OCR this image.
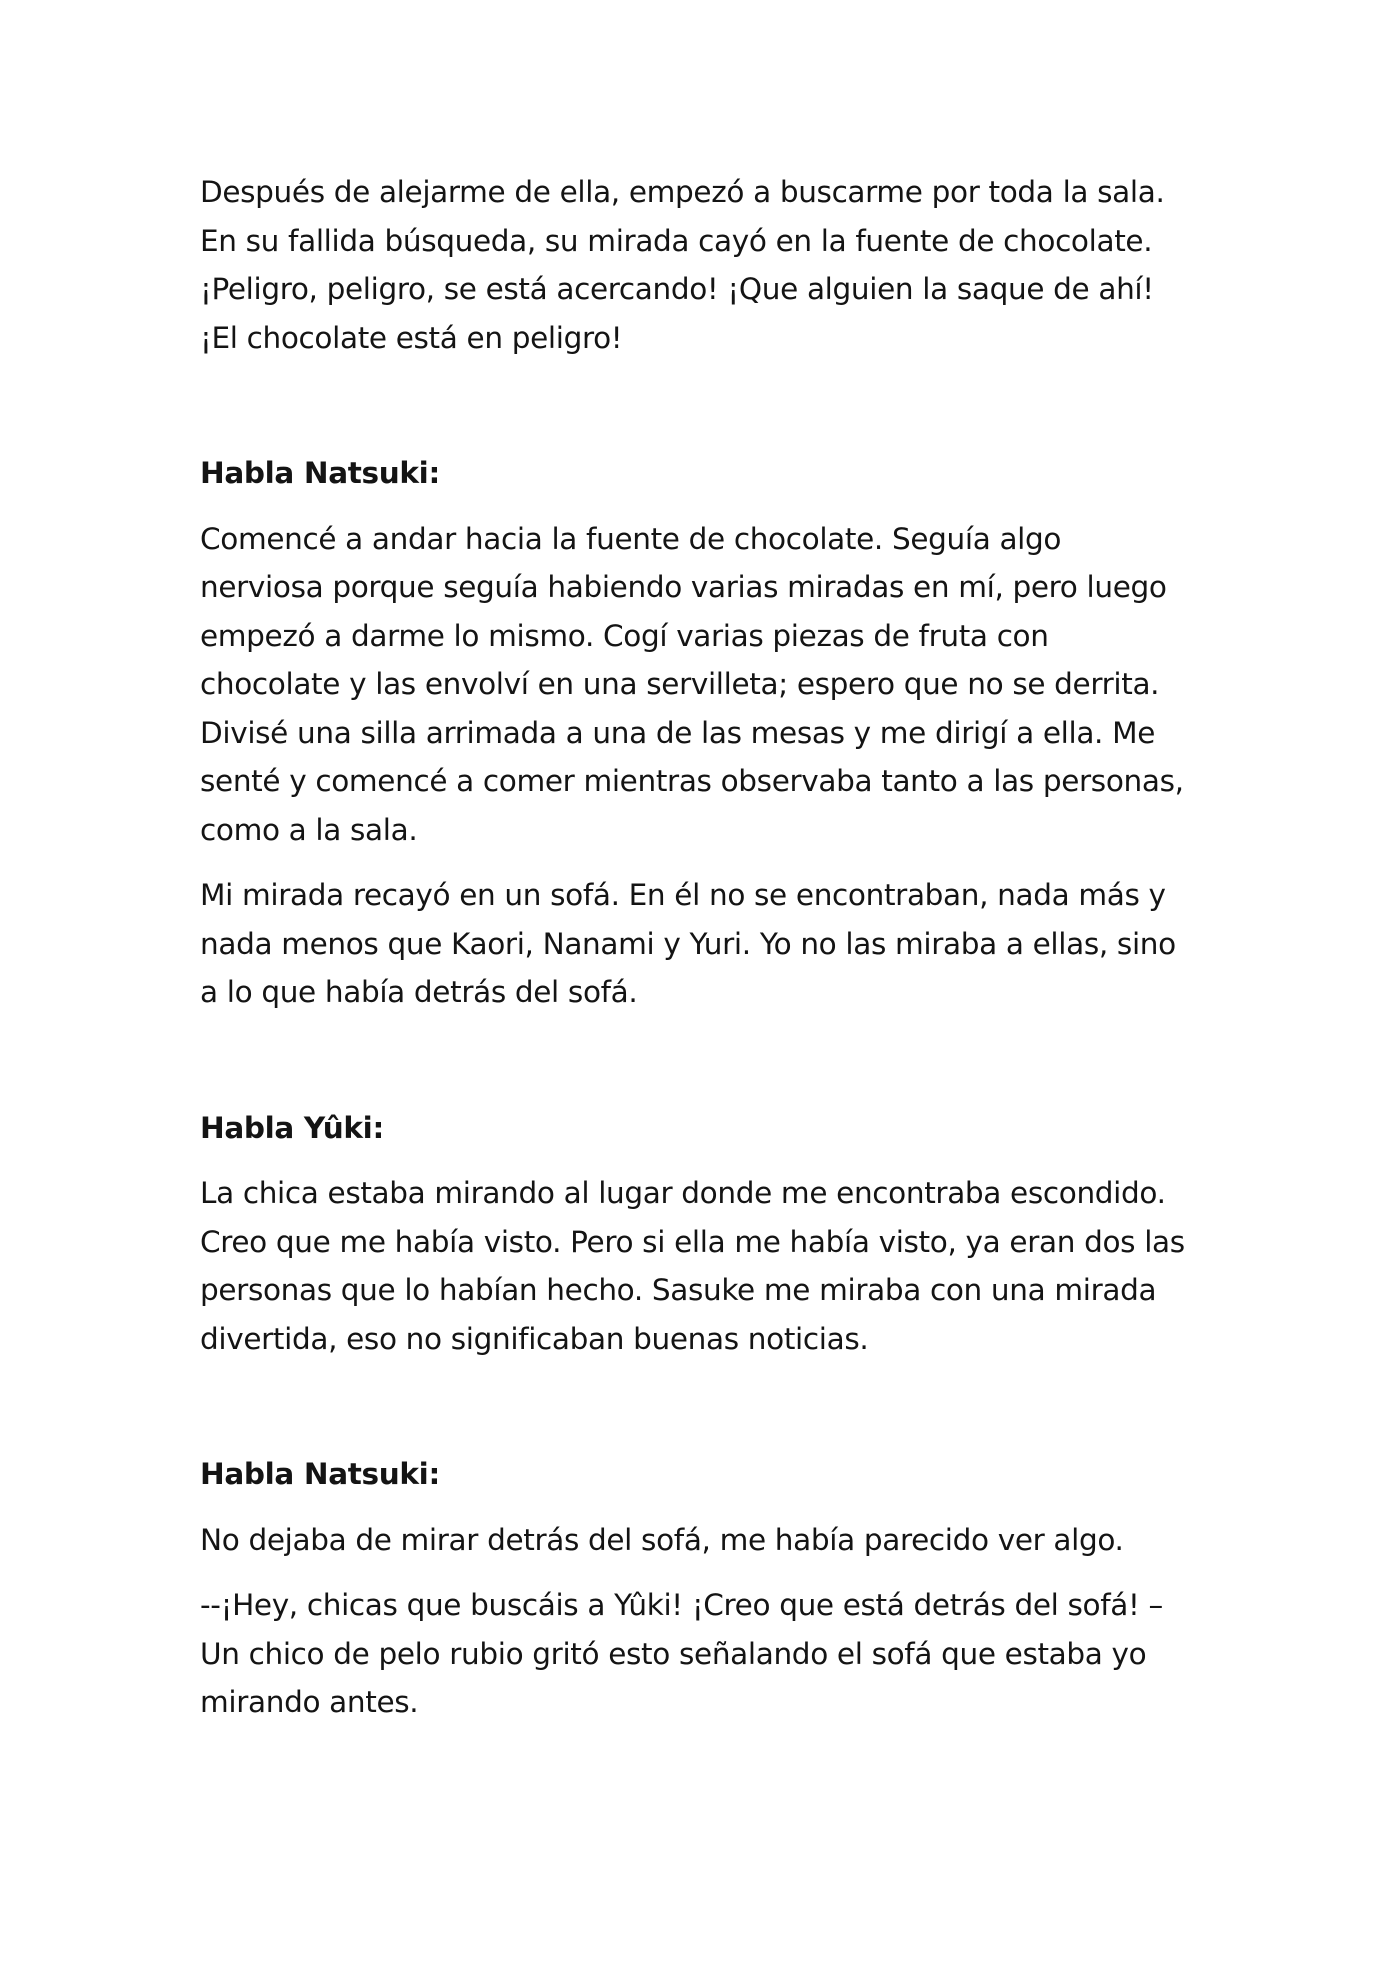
Después de alejarme de ella, empezó a buscarme por toda la sala.
En su fallida búsqueda, su mirada cayó en la fuente de chocolate.
¡Peligro, peligro, se está acercando! ¡Que alguien la saque de ahí!
¡El chocolate está en peligro!

Habla Natsuki:

Comencé a andar hacia la fuente de chocolate. Seguía algo
nerviosa porque seguía habiendo varias miradas en mí, pero luego
empezó a darme lo mismo. Cogí varias piezas de fruta con
chocolate y las envolví en una servilleta; espero que no se derrita.
Divisé una silla arrimada a una de las mesas y me dirigí a ella. Me
senté y comencé a comer mientras observaba tanto a las personas,
como a la sala.

Mi mirada recayó en un sofá. En él no se encontraban, nada más y
nada menos que Kaori, Nanami y Yuri. Yo no las miraba a ellas, sino
a lo que había detrás del sofá.

Habla Yûki:

La chica estaba mirando al lugar donde me encontraba escondido.
Creo que me había visto. Pero si ella me había visto, ya eran dos las
personas que lo habían hecho. Sasuke me miraba con una mirada
divertida, eso no significaban buenas noticias.

Habla Natsuki:

No dejaba de mirar detrás del sofá, me había parecido ver algo.

--¡Hey, chicas que buscáis a Yûki! ¡Creo que está detrás del sofá! –
Un chico de pelo rubio gritó esto señalando el sofá que estaba yo
mirando antes.
